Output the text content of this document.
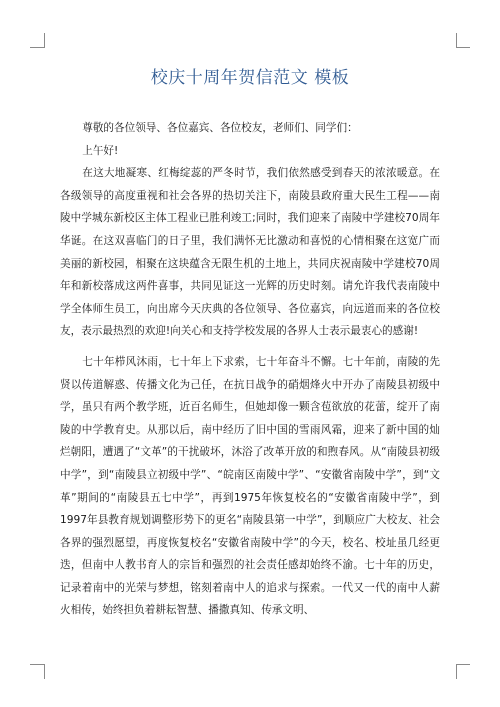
校庆十周年贺信范文 模板

尊敬的各位领导、各位嘉宾、各位校友，老师们、同学们：

上午好!

在这大地凝寒、红梅绽蕊的严冬时节，我们依然感受到春天的浓浓暖意。在各级领导的高度重视和社会各界的热切关注下，南陵县政府重大民生工程——南陵中学城东新校区主体工程业已胜利竣工;同时，我们迎来了南陵中学建校70周年华诞。在这双喜临门的日子里，我们满怀无比激动和喜悦的心情相聚在这宽广而美丽的新校园，相聚在这块蕴含无限生机的土地上，共同庆祝南陵中学建校70周年和新校落成这两件喜事，共同见证这一光辉的历史时刻。请允许我代表南陵中学全体师生员工，向出席今天庆典的各位领导、各位嘉宾，向远道而来的各位校友，表示最热烈的欢迎!向关心和支持学校发展的各界人士表示最衷心的感谢!

七十年栉风沐雨，七十年上下求索，七十年奋斗不懈。七十年前，南陵的先贤以传道解惑、传播文化为己任，在抗日战争的硝烟烽火中开办了南陵县初级中学，虽只有两个教学班，近百名师生，但她却像一颗含苞欲放的花蕾，绽开了南陵的中学教育史。从那以后，南中经历了旧中国的雪雨风霜，迎来了新中国的灿烂朝阳，遭遇了“文革”的干扰破坏，沐浴了改革开放的和煦春风。从“南陵县初级中学”，到“南陵县立初级中学”、“皖南区南陵中学”、“安徽省南陵中学”，到“文革”期间的“南陵县五七中学”，再到1975年恢复校名的“安徽省南陵中学”，到1997年县教育规划调整形势下的更名“南陵县第一中学”，到顺应广大校友、社会各界的强烈愿望，再度恢复校名“安徽省南陵中学”的今天，校名、校址虽几经更迭，但南中人教书育人的宗旨和强烈的社会责任感却始终不渝。七十年的历史，记录着南中的光荣与梦想，铭刻着南中人的追求与探索。一代又一代的南中人薪火相传，始终担负着耕耘智慧、播撒真知、传承文明、
